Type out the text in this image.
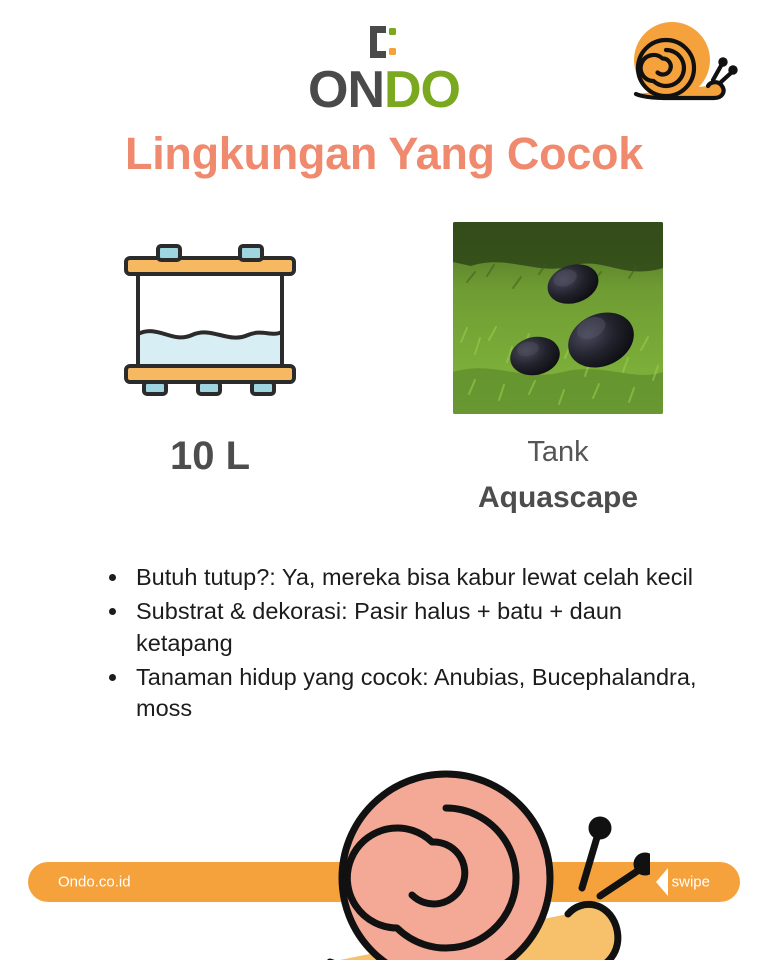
ON DO
Lingkungan Yang Cocok
10 L	Tank
Aquascape
• Butuh tutup?: Ya, mereka bisa kabur lewat celah kecil
• Substrat & dekorasi: Pasir halus + batu + daun ketapang
• Tanaman hidup yang cocok: Anubias, Bucephalandra, moss
Ondo.co.id	swipe
